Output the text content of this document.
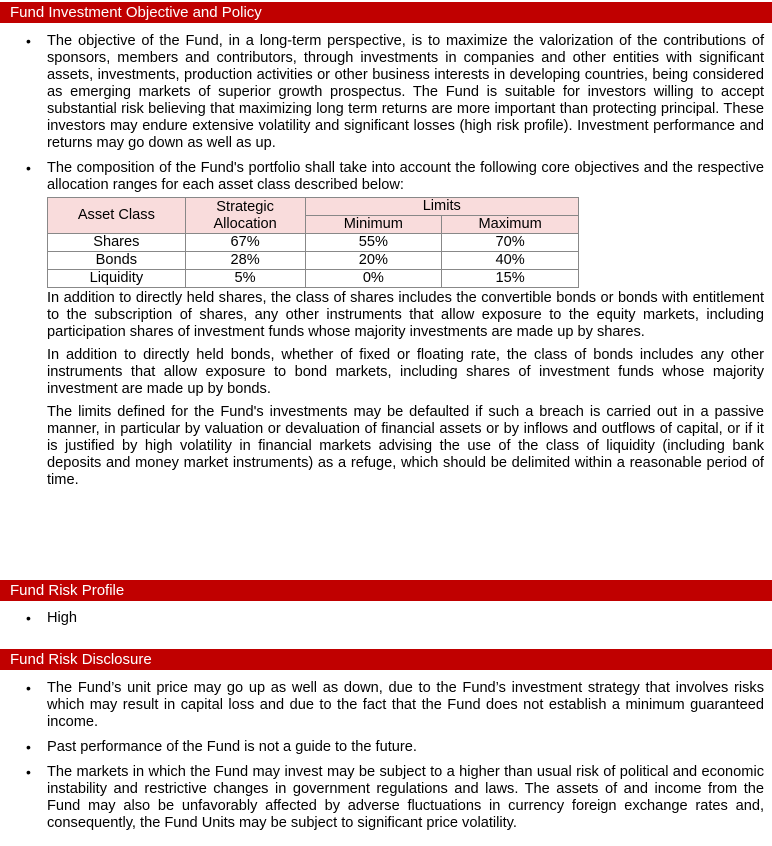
Fund Investment Objective and Policy
• The objective of the Fund, in a long-term perspective, is to maximize the valorization of the contributions of sponsors, members and contributors, through investments in companies and other entities with significant assets, investments, production activities or other business interests in developing countries, being considered as emerging markets of superior growth prospectus. The Fund is suitable for investors willing to accept substantial risk believing that maximizing long term returns are more important than protecting principal. These investors may endure extensive volatility and significant losses (high risk profile). Investment performance and returns may go down as well as up.

• The composition of the Fund's portfolio shall take into account the following core objectives and the respective allocation ranges for each asset class described below:

Asset Class	Strategic Allocation	Limits	
		Minimum	Maximum
Shares	67%	55%	70%
Bonds	28%	20%	40%
Liquidity	5%	0%	15%

In addition to directly held shares, the class of shares includes the convertible bonds or bonds with entitlement to the subscription of shares, any other instruments that allow exposure to the equity markets, including participation shares of investment funds whose majority investments are made up by shares.

In addition to directly held bonds, whether of fixed or floating rate, the class of bonds includes any other instruments that allow exposure to bond markets, including shares of investment funds whose majority investment are made up by bonds.

The limits defined for the Fund's investments may be defaulted if such a breach is carried out in a passive manner, in particular by valuation or devaluation of financial assets or by inflows and outflows of capital, or if it is justified by high volatility in financial markets advising the use of the class of liquidity (including bank deposits and money market instruments) as a refuge, which should be delimited within a reasonable period of time.

Fund Risk Profile
• High

Fund Risk Disclosure
• The Fund’s unit price may go up as well as down, due to the Fund’s investment strategy that involves risks which may result in capital loss and due to the fact that the Fund does not establish a minimum guaranteed income.

• Past performance of the Fund is not a guide to the future.

• The markets in which the Fund may invest may be subject to a higher than usual risk of political and economic instability and restrictive changes in government regulations and laws. The assets of and income from the Fund may also be unfavorably affected by adverse fluctuations in currency foreign exchange rates and, consequently, the Fund Units may be subject to significant price volatility.
